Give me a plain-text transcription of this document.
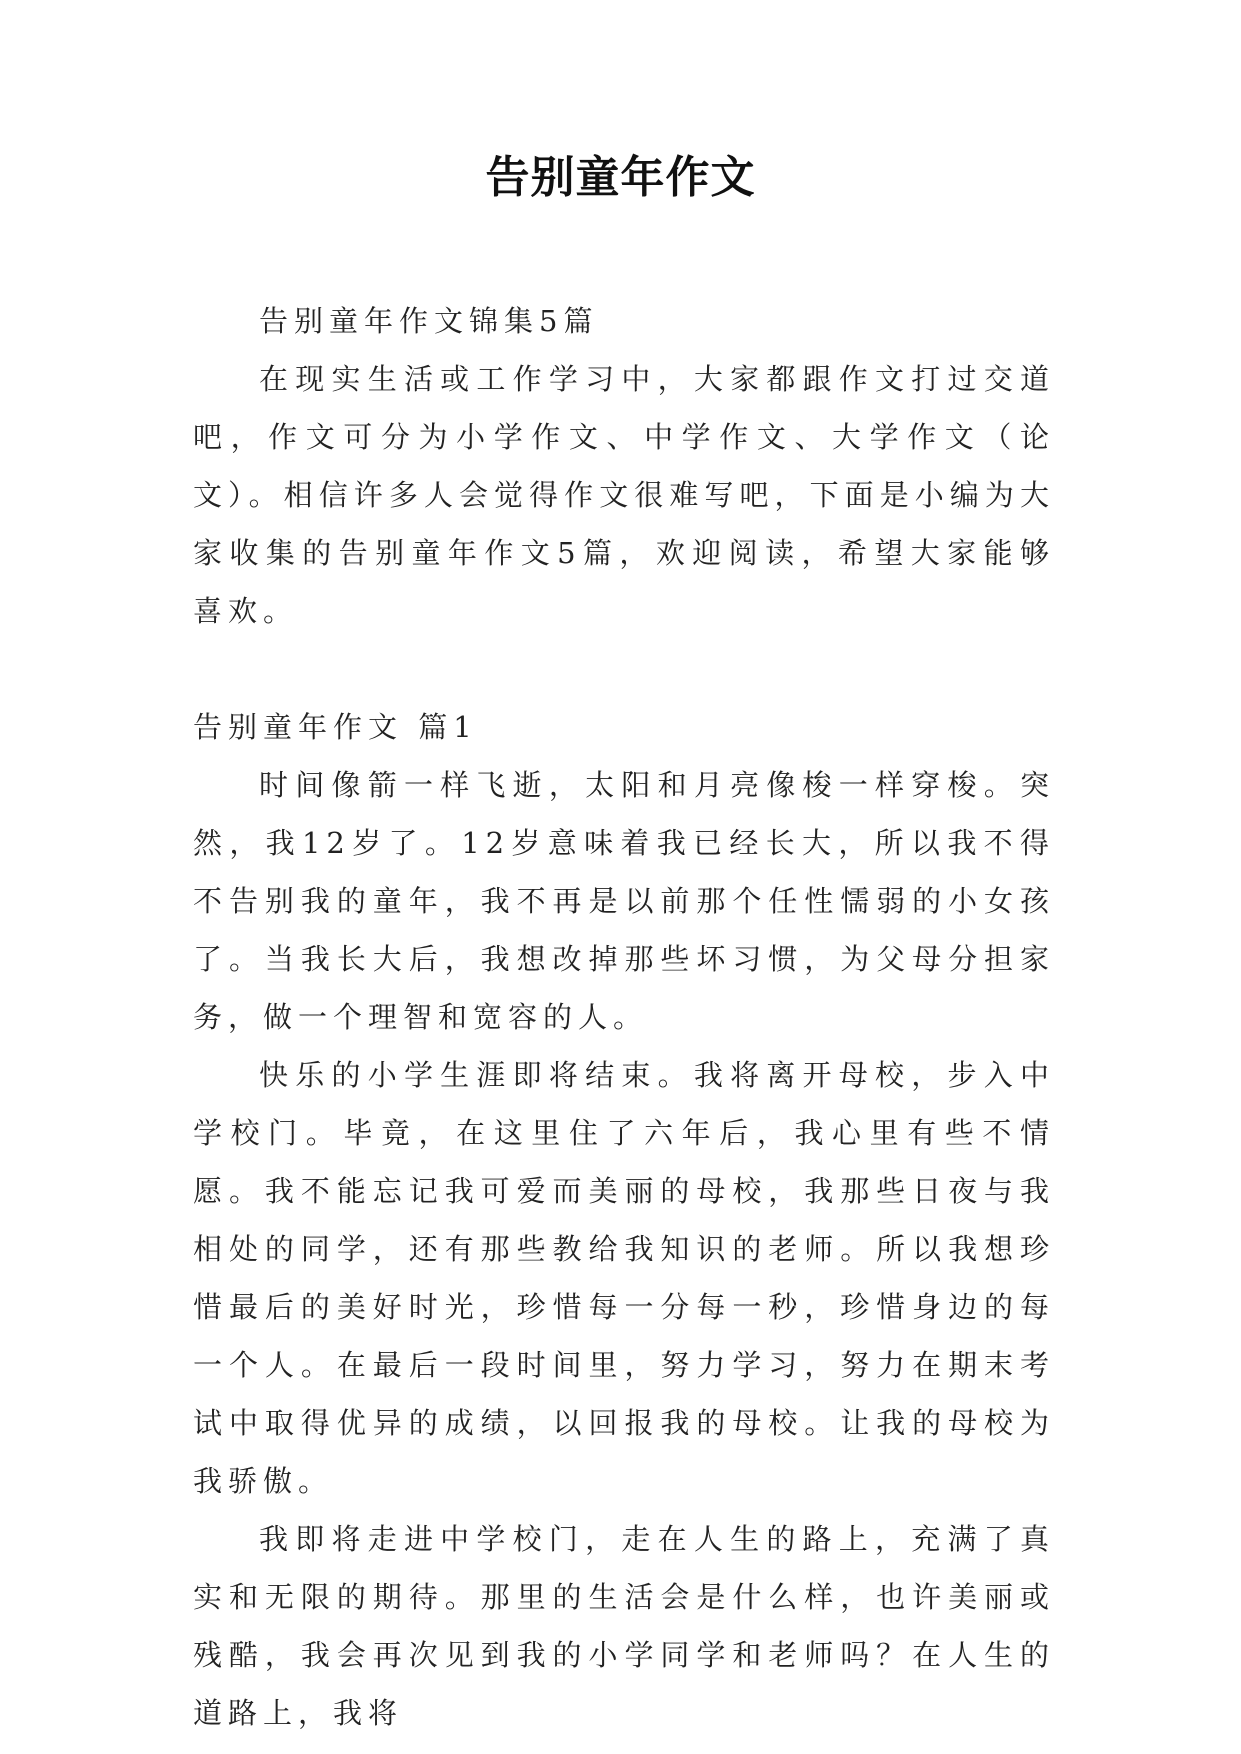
告别童年作文

告别童年作文锦集5篇

在现实生活或工作学习中，大家都跟作文打过交道吧，作文可分为小学作文、中学作文、大学作文（论文）。相信许多人会觉得作文很难写吧，下面是小编为大家收集的告别童年作文5篇，欢迎阅读，希望大家能够喜欢。

告别童年作文 篇1

时间像箭一样飞逝，太阳和月亮像梭一样穿梭。突然，我12岁了。12岁意味着我已经长大，所以我不得不告别我的童年，我不再是以前那个任性懦弱的小女孩了。当我长大后，我想改掉那些坏习惯，为父母分担家务，做一个理智和宽容的人。

快乐的小学生涯即将结束。我将离开母校，步入中学校门。毕竟，在这里住了六年后，我心里有些不情愿。我不能忘记我可爱而美丽的母校，我那些日夜与我相处的同学，还有那些教给我知识的老师。所以我想珍惜最后的美好时光，珍惜每一分每一秒，珍惜身边的每一个人。在最后一段时间里，努力学习，努力在期末考试中取得优异的成绩，以回报我的母校。让我的母校为我骄傲。

我即将走进中学校门，走在人生的路上，充满了真实和无限的期待。那里的生活会是什么样，也许美丽或残酷，我会再次见到我的小学同学和老师吗？在人生的道路上，我将
